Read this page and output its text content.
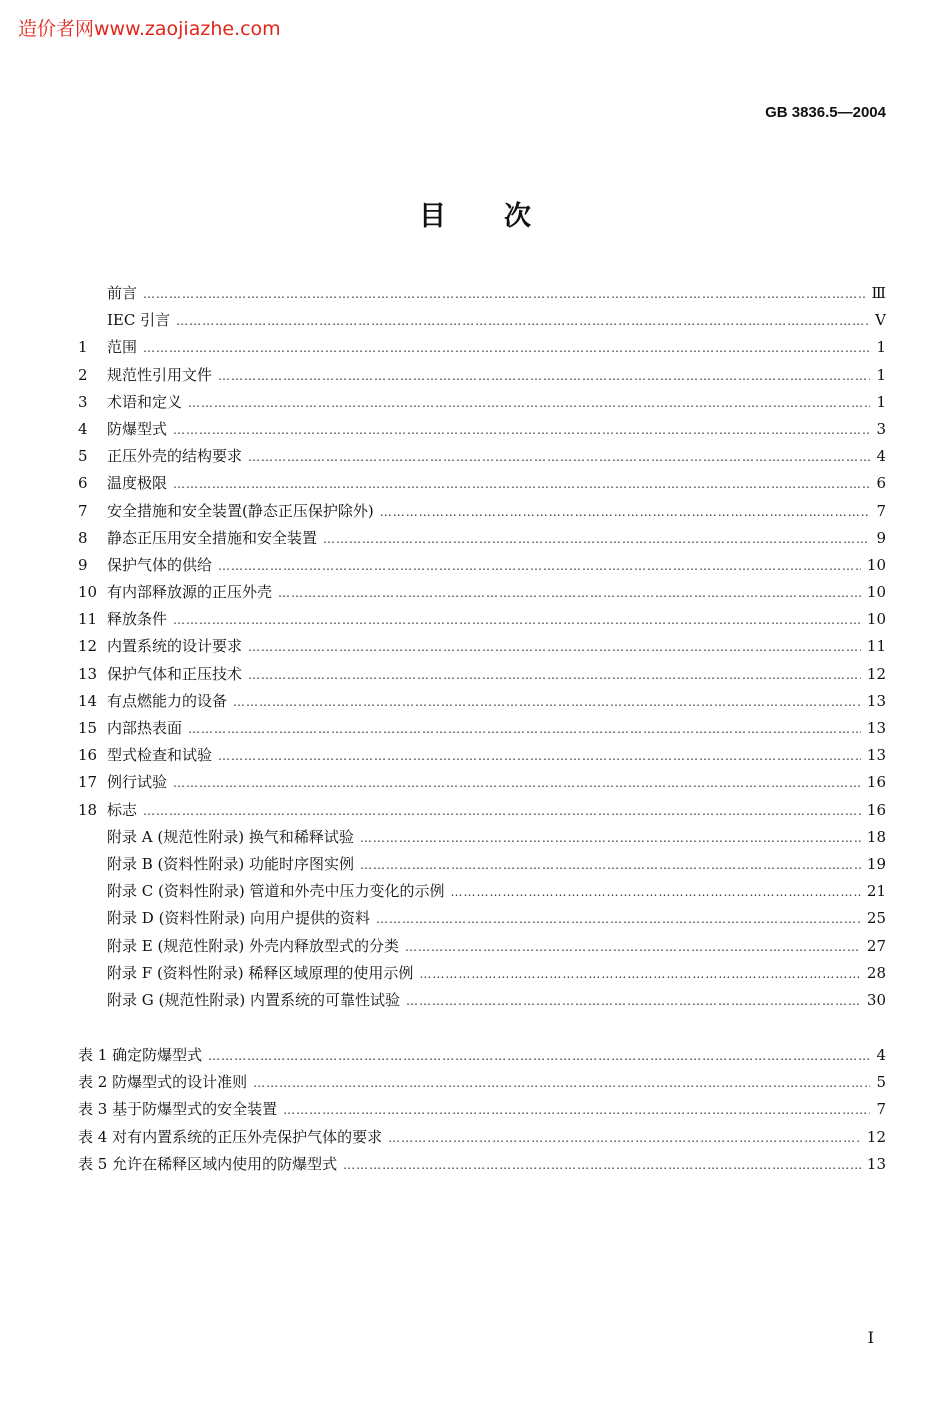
造价者网www.zaojiazhe.com
GB 3836.5—2004
目次
前言 …………………………………………………………………………………………………………………………………………………………………………………………	Ⅲ
IEC 引言 …………………………………………………………………………………………………………………………………………………………………………………………	V
1	范围 …………………………………………………………………………………………………………………………………………………………………………………………	1
2	规范性引用文件 …………………………………………………………………………………………………………………………………………………………………………………………	1
3	术语和定义 …………………………………………………………………………………………………………………………………………………………………………………………	1
4	防爆型式 …………………………………………………………………………………………………………………………………………………………………………………………	3
5	正压外壳的结构要求 …………………………………………………………………………………………………………………………………………………………………………………………	4
6	温度极限 …………………………………………………………………………………………………………………………………………………………………………………………	6
7	安全措施和安全装置(静态正压保护除外) …………………………………………………………………………………………………………………………………………………………………………………………	7
8	静态正压用安全措施和安全装置 …………………………………………………………………………………………………………………………………………………………………………………………	9
9	保护气体的供给 …………………………………………………………………………………………………………………………………………………………………………………………	10
10 有内部释放源的正压外壳 …………………………………………………………………………………………………………………………………………………………………………………………	10
11 释放条件 …………………………………………………………………………………………………………………………………………………………………………………………	10
12 内置系统的设计要求 …………………………………………………………………………………………………………………………………………………………………………………………	11
13 保护气体和正压技术 …………………………………………………………………………………………………………………………………………………………………………………………	12
14 有点燃能力的设备 …………………………………………………………………………………………………………………………………………………………………………………………	13
15 内部热表面 …………………………………………………………………………………………………………………………………………………………………………………………	13
16 型式检查和试验 …………………………………………………………………………………………………………………………………………………………………………………………	13
17 例行试验 …………………………………………………………………………………………………………………………………………………………………………………………	16
18 标志 …………………………………………………………………………………………………………………………………………………………………………………………	16
附录 A (规范性附录) 换气和稀释试验 …………………………………………………………………………………………………………………………………………………………………………………………	18
附录 B (资料性附录) 功能时序图实例 …………………………………………………………………………………………………………………………………………………………………………………………	19
附录 C (资料性附录) 管道和外壳中压力变化的示例 …………………………………………………………………………………………………………………………………………………………………………………………	21
附录 D (资料性附录) 向用户提供的资料 …………………………………………………………………………………………………………………………………………………………………………………………	25
附录 E (规范性附录) 外壳内释放型式的分类 …………………………………………………………………………………………………………………………………………………………………………………………	27
附录 F (资料性附录) 稀释区域原理的使用示例 …………………………………………………………………………………………………………………………………………………………………………………………	28
附录 G (规范性附录) 内置系统的可靠性试验 …………………………………………………………………………………………………………………………………………………………………………………………	30
表 1 确定防爆型式 …………………………………………………………………………………………………………………………………………………………………………………………	4
表 2 防爆型式的设计准则 …………………………………………………………………………………………………………………………………………………………………………………………	5
表 3 基于防爆型式的安全装置 …………………………………………………………………………………………………………………………………………………………………………………………	7
表 4 对有内置系统的正压外壳保护气体的要求 …………………………………………………………………………………………………………………………………………………………………………………………	12
表 5 允许在稀释区域内使用的防爆型式 …………………………………………………………………………………………………………………………………………………………………………………………	13
I
